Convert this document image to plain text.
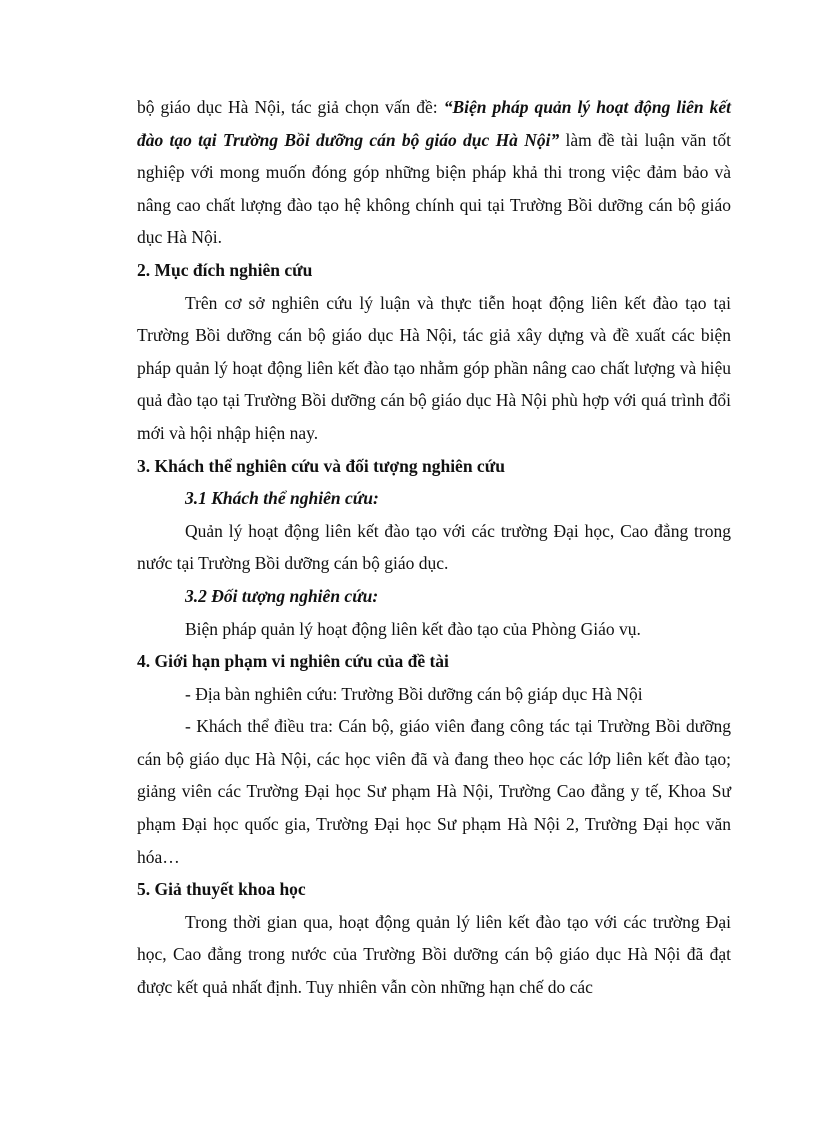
bộ giáo dục Hà Nội, tác giả chọn vấn đề: “Biện pháp quản lý hoạt động liên kết đào tạo tại Trường Bồi dưỡng cán bộ giáo dục Hà Nội” làm đề tài luận văn tốt nghiệp với mong muốn đóng góp những biện pháp khả thi trong việc đảm bảo và nâng cao chất lượng đào tạo hệ không chính qui tại Trường Bồi dưỡng cán bộ giáo dục Hà Nội.

2. Mục đích nghiên cứu

Trên cơ sở nghiên cứu lý luận và thực tiễn hoạt động liên kết đào tạo tại Trường Bồi dưỡng cán bộ giáo dục Hà Nội, tác giả xây dựng và đề xuất các biện pháp quản lý hoạt động liên kết đào tạo nhằm góp phần nâng cao chất lượng và hiệu quả đào tạo tại Trường Bồi dưỡng cán bộ giáo dục Hà Nội phù hợp với quá trình đổi mới và hội nhập hiện nay.

3. Khách thể nghiên cứu và đối tượng nghiên cứu

3.1 Khách thể nghiên cứu:

Quản lý hoạt động liên kết đào tạo với các trường Đại học, Cao đẳng trong nước tại Trường Bồi dưỡng cán bộ giáo dục.

3.2 Đối tượng nghiên cứu:

Biện pháp quản lý hoạt động liên kết đào tạo của Phòng Giáo vụ.

4. Giới hạn phạm vi nghiên cứu của đề tài

- Địa bàn nghiên cứu: Trường Bồi dưỡng cán bộ giáp dục Hà Nội

- Khách thể điều tra: Cán bộ, giáo viên đang công tác tại Trường Bồi dưỡng cán bộ giáo dục Hà Nội, các học viên đã và đang theo học các lớp liên kết đào tạo; giảng viên các Trường Đại học Sư phạm Hà Nội, Trường Cao đẳng y tế, Khoa Sư phạm Đại học quốc gia, Trường Đại học Sư phạm Hà Nội 2, Trường Đại học văn hóa…

5. Giả thuyết khoa học

Trong thời gian qua, hoạt động quản lý liên kết đào tạo với các trường Đại học, Cao đẳng trong nước của Trường Bồi dưỡng cán bộ giáo dục Hà Nội đã đạt được kết quả nhất định. Tuy nhiên vẫn còn những hạn chế do các
